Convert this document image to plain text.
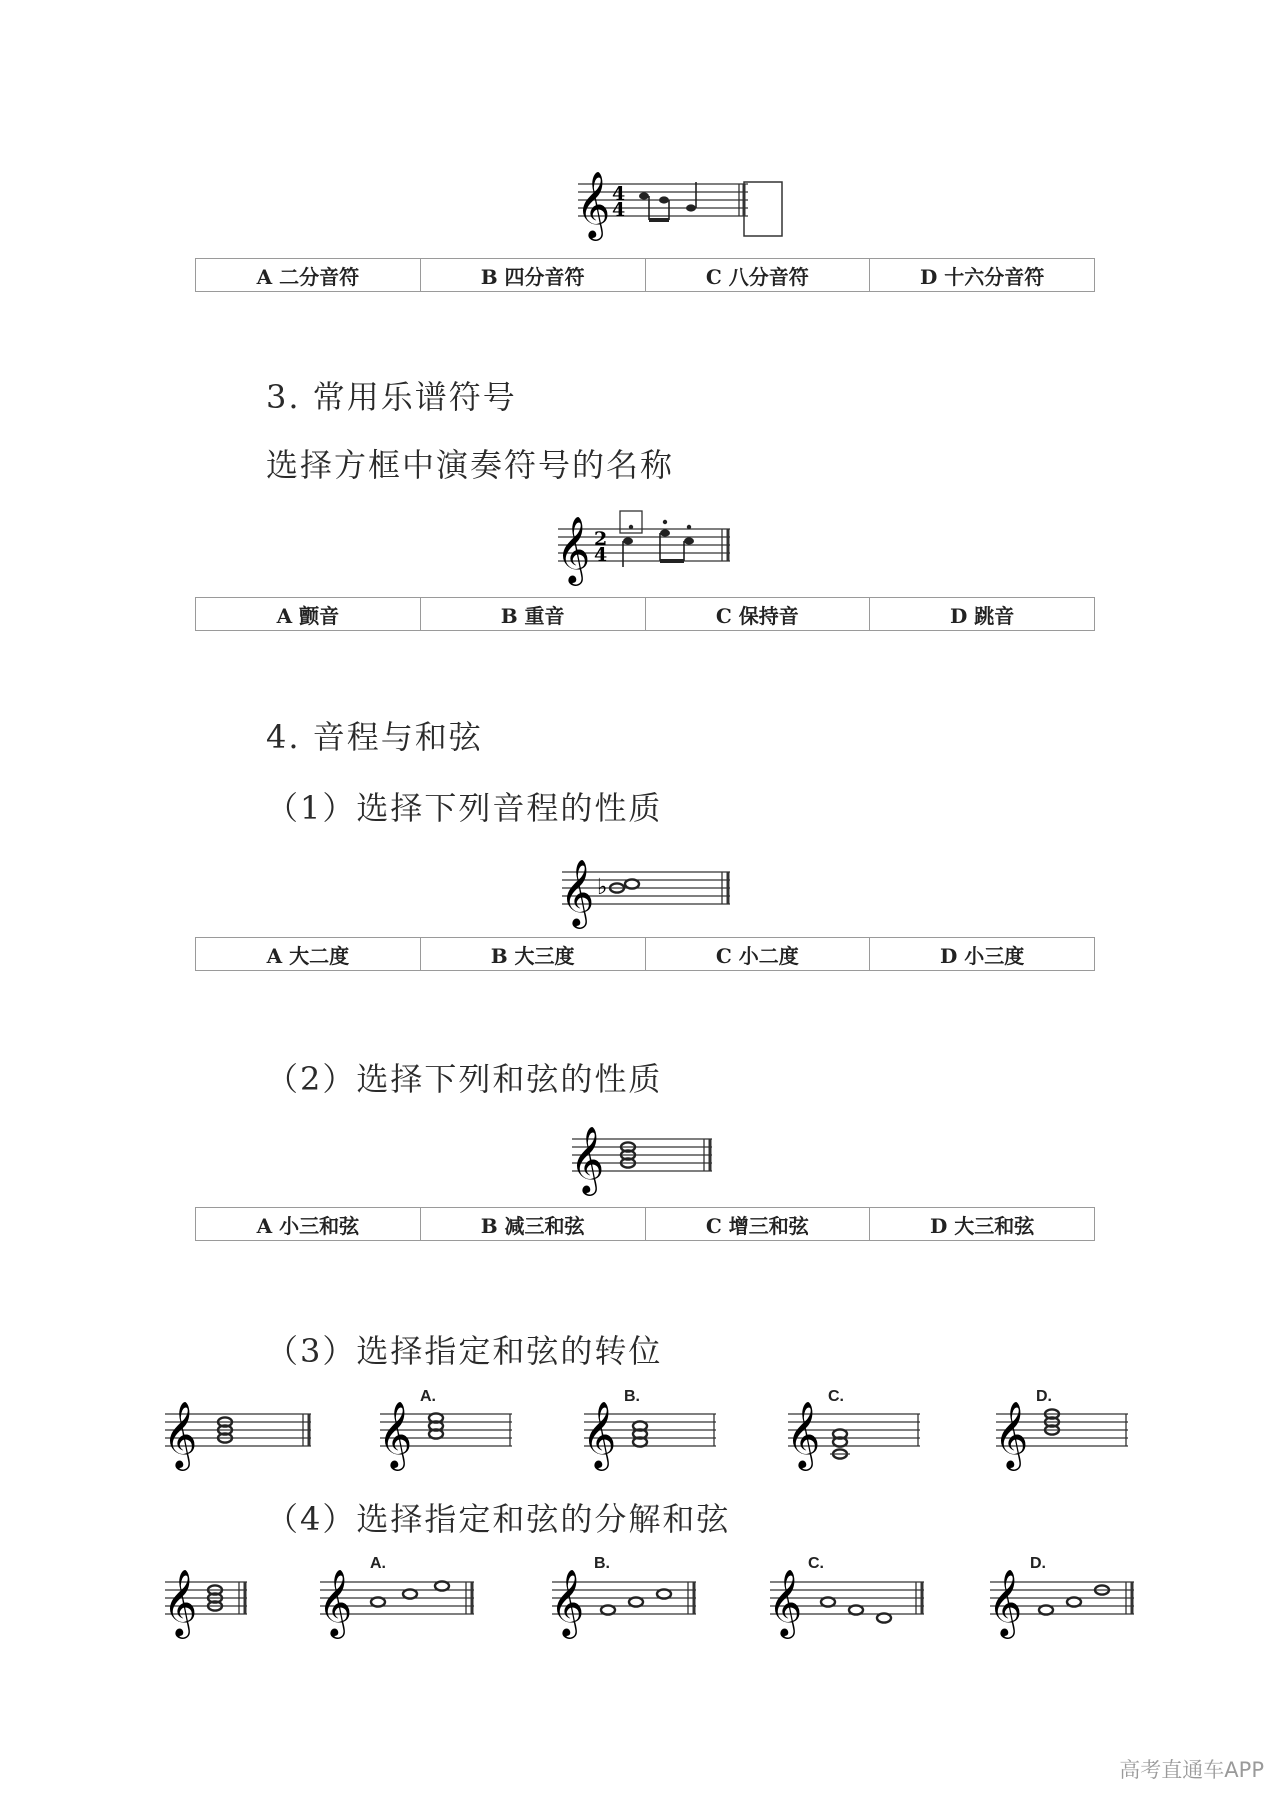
𝄞 4
4
A 二分音符	B 四分音符	C 八分音符	D 十六分音符
3. 常用乐谱符号
选择方框中演奏符号的名称
𝄞 2
4
A 颤音	B 重音	C 保持音	D 跳音
4. 音程与和弦
（1）选择下列音程的性质
𝄞 ♭
A 大二度	B 大三度	C 小二度	D 小三度
（2）选择下列和弦的性质
𝄞
A 小三和弦	B 减三和弦	C 增三和弦	D 大三和弦
（3）选择指定和弦的转位
𝄞
A.
𝄞
B.
𝄞
C.
𝄞
D.
𝄞
（4）选择指定和弦的分解和弦
𝄞
A.
𝄞
B.
𝄞
C.
𝄞
D.
𝄞
高考直通车APP
